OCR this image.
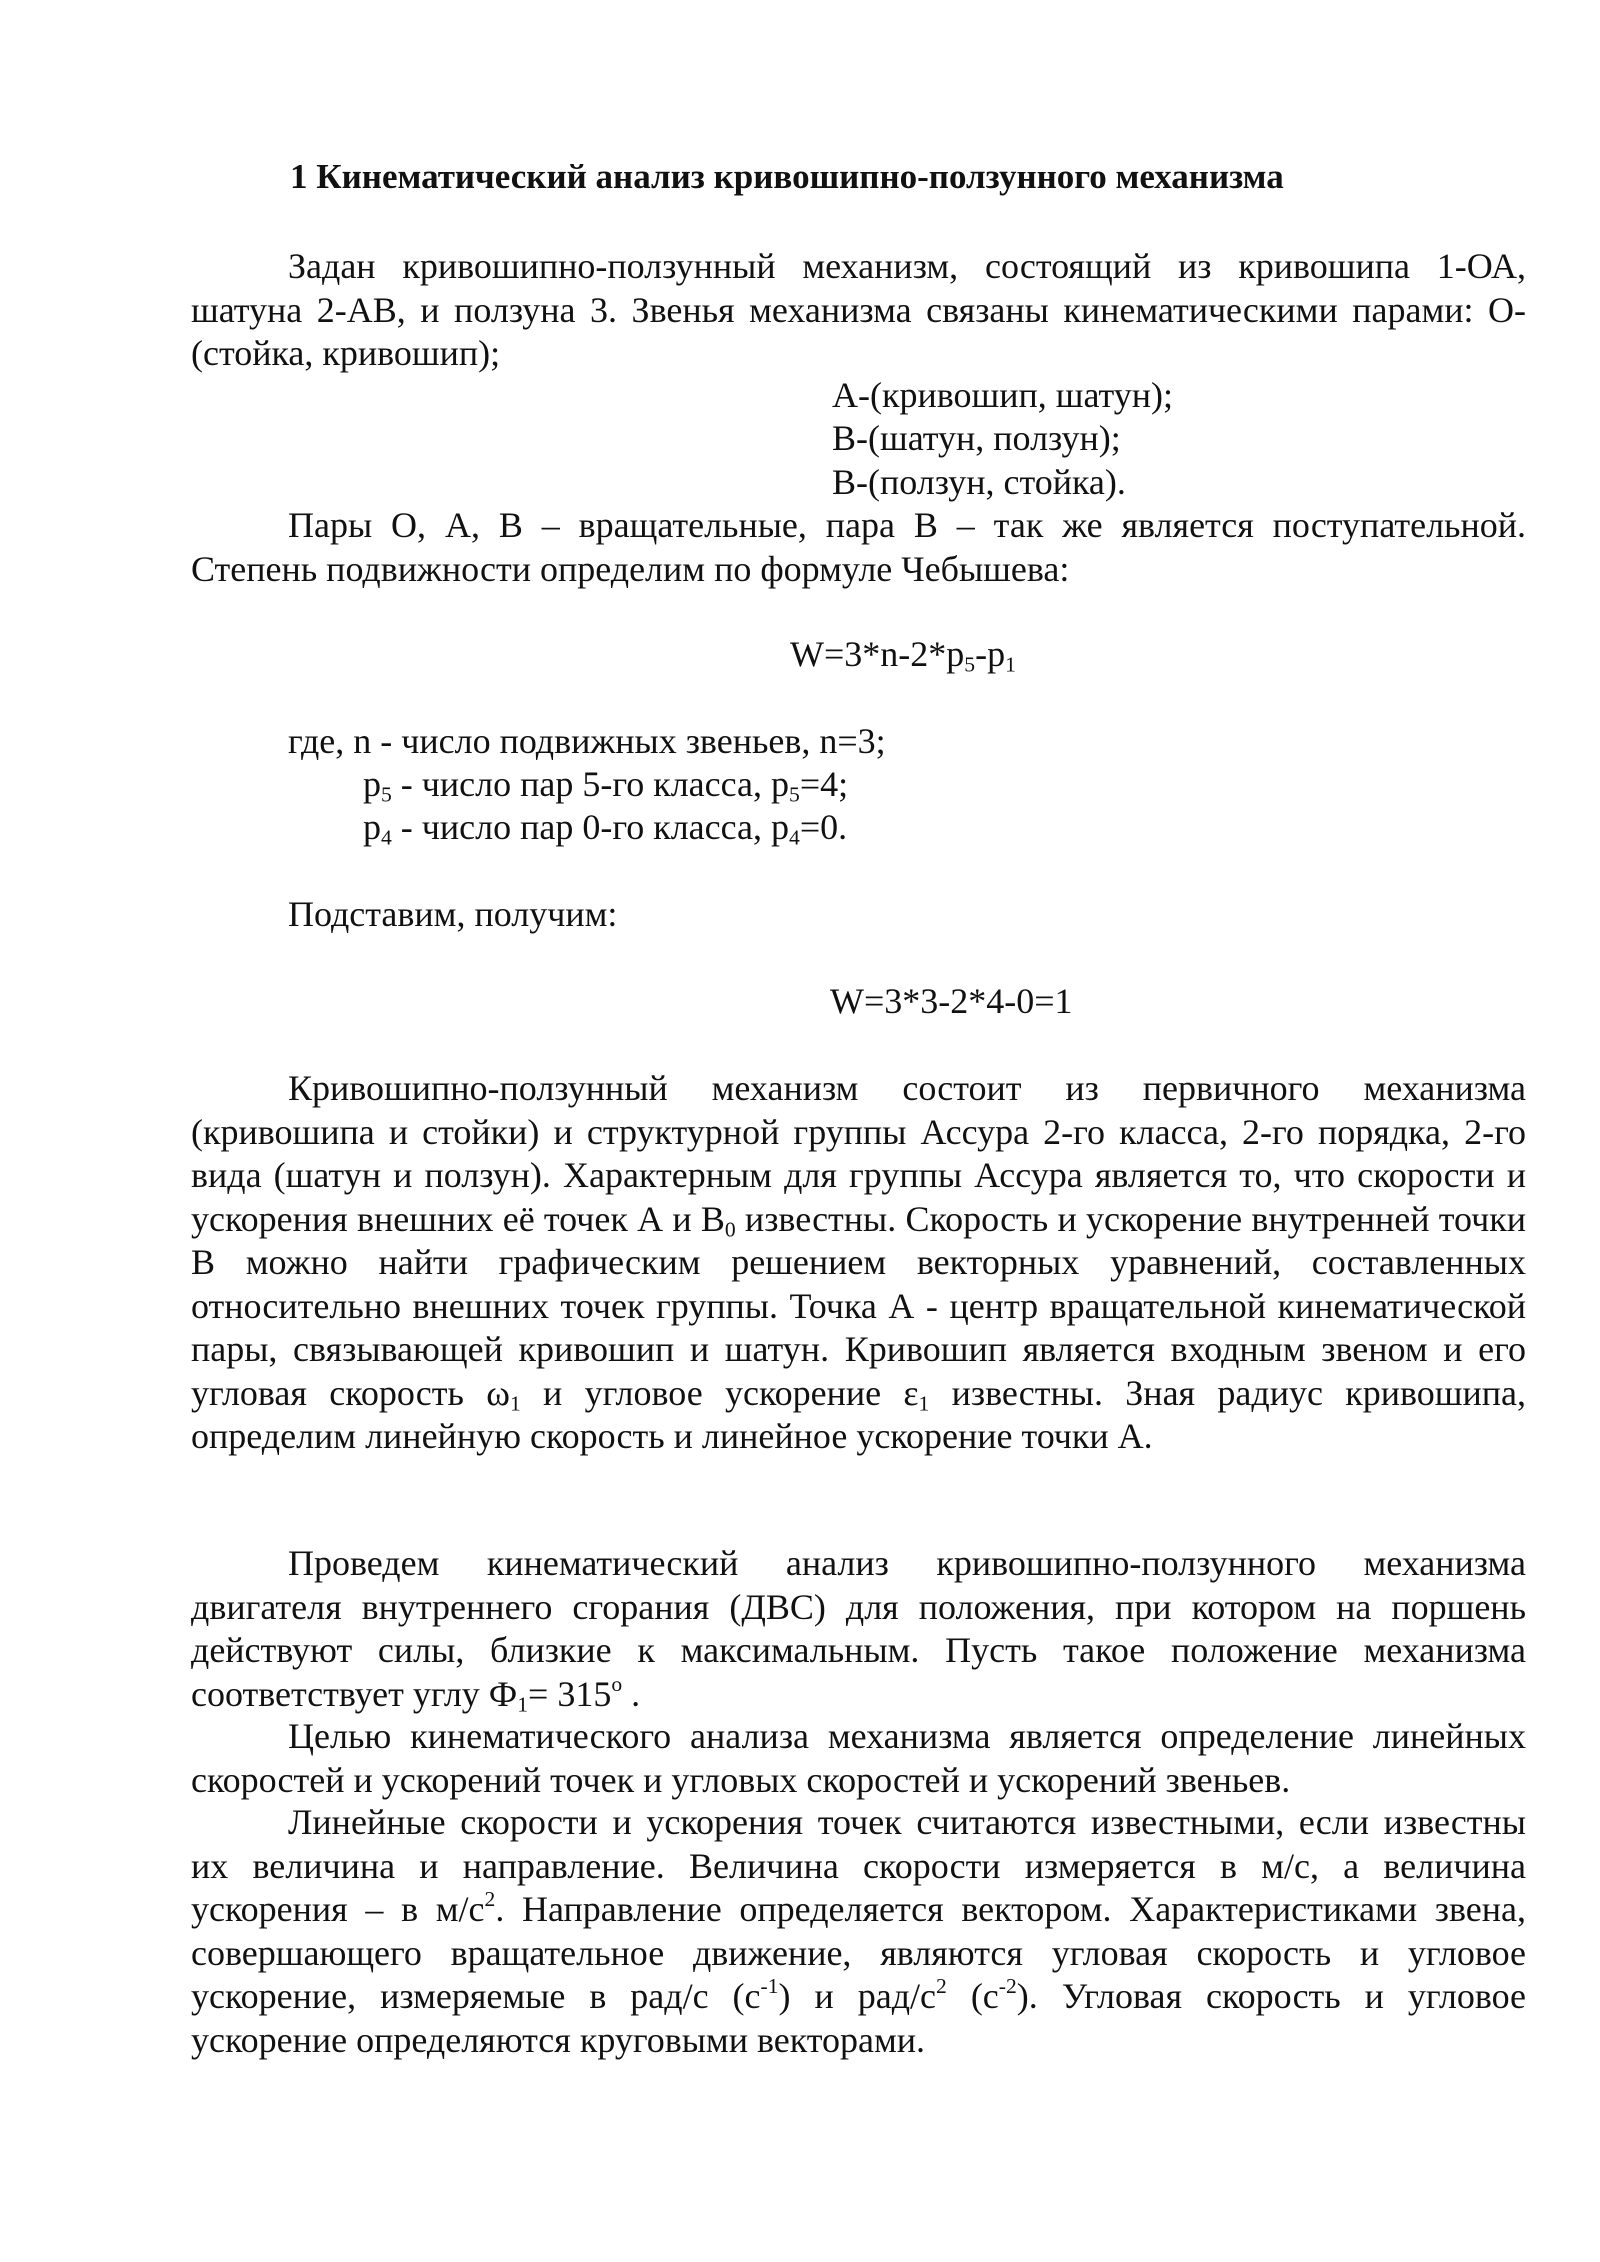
1 Кинематический анализ кривошипно-ползунного механизма

Задан кривошипно-ползунный механизм, состоящий из кривошипа 1-ОА, шатуна 2-АВ, и ползуна 3. Звенья механизма связаны кинематическими парами: О-(стойка, кривошип);

А-(кривошип, шатун);
В-(шатун, ползун);
В-(ползун, стойка).

Пары О, А, В – вращательные, пара В – так же является поступательной. Степень подвижности определим по формуле Чебышева:

$W=3*n-2*p_5-p_1$
где, n - число подвижных звеньев, n=3;
$p_5$ - число пар 5-го класса, $p_5=4$;
$p_4$ - число пар 0-го класса, $p_4=0$.
Подставим, получим:
W=3*3-2*4-0=1

Кривошипно-ползунный механизм состоит из первичного механизма (кривошипа и стойки) и структурной группы Ассура 2-го класса, 2-го порядка, 2-го вида (шатун и ползун). Характерным для группы Ассура является то, что скорости и ускорения внешних её точек А и $В_0$ известны. Скорость и ускорение внутренней точки В можно найти графическим решением векторных уравнений, составленных относительно внешних точек группы. Точка А - центр вращательной кинематической пары, связывающей кривошип и шатун. Кривошип является входным звеном и его угловая скорость $\omega_1$ и угловое ускорение $\varepsilon_1$ известны. Зная радиус кривошипа, определим линейную скорость и линейное ускорение точки А.

Проведем кинематический анализ кривошипно-ползунного механизма двигателя внутреннего сгорания (ДВС) для положения, при котором на поршень действуют силы, близкие к максимальным. Пусть такое положение механизма соответствует углу $Ф_1= 315^о$ .

Целью кинематического анализа механизма является определение линейных скоростей и ускорений точек и угловых скоростей и ускорений звеньев.

Линейные скорости и ускорения точек считаются известными, если известны их величина и направление. Величина скорости измеряется в м/с, а величина ускорения – в $м/с^2$. Направление определяется вектором. Характеристиками звена, совершающего вращательное движение, являются угловая скорость и угловое ускорение, измеряемые в рад/с $(с^{-1})$ и рад/$с^2$ $(с^{-2})$. Угловая скорость и угловое ускорение определяются круговыми векторами.
